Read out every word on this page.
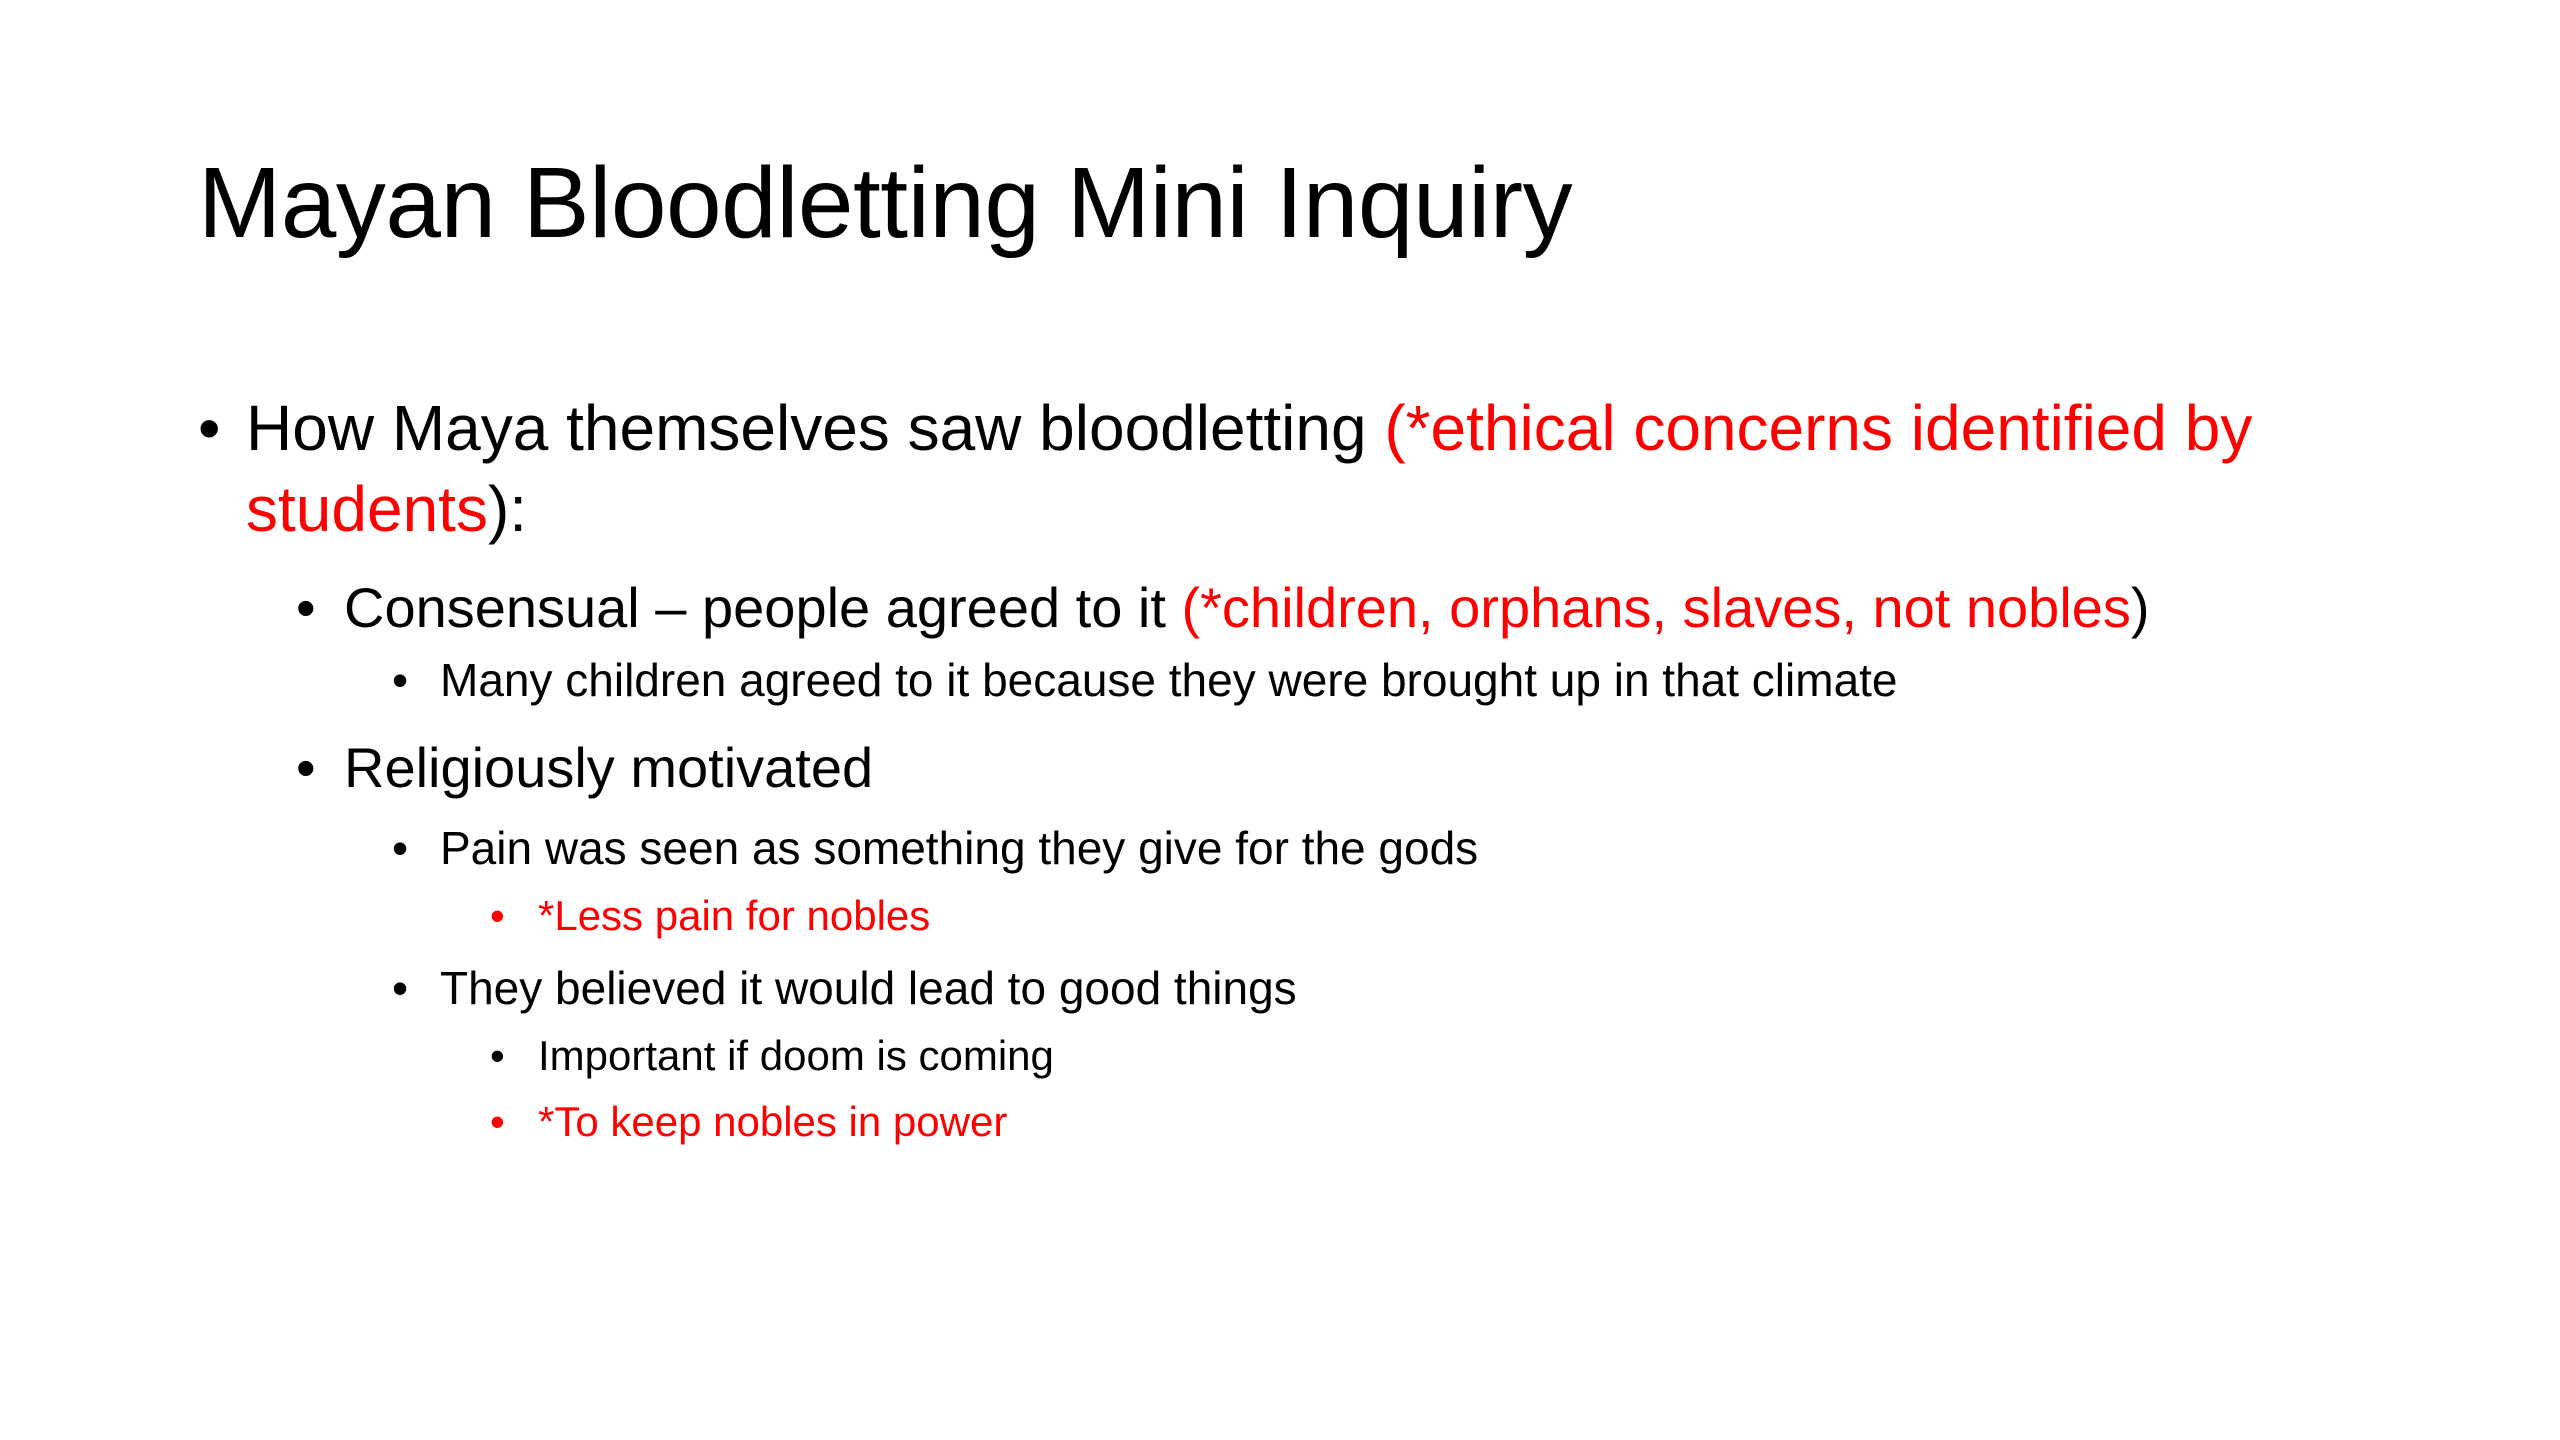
Mayan Bloodletting Mini Inquiry
• How Maya themselves saw bloodletting (*ethical concerns identified by students):
• Consensual – people agreed to it (*children, orphans, slaves, not nobles)
• Many children agreed to it because they were brought up in that climate
• Religiously motivated
• Pain was seen as something they give for the gods
• *Less pain for nobles
• They believed it would lead to good things
• Important if doom is coming
• *To keep nobles in power
